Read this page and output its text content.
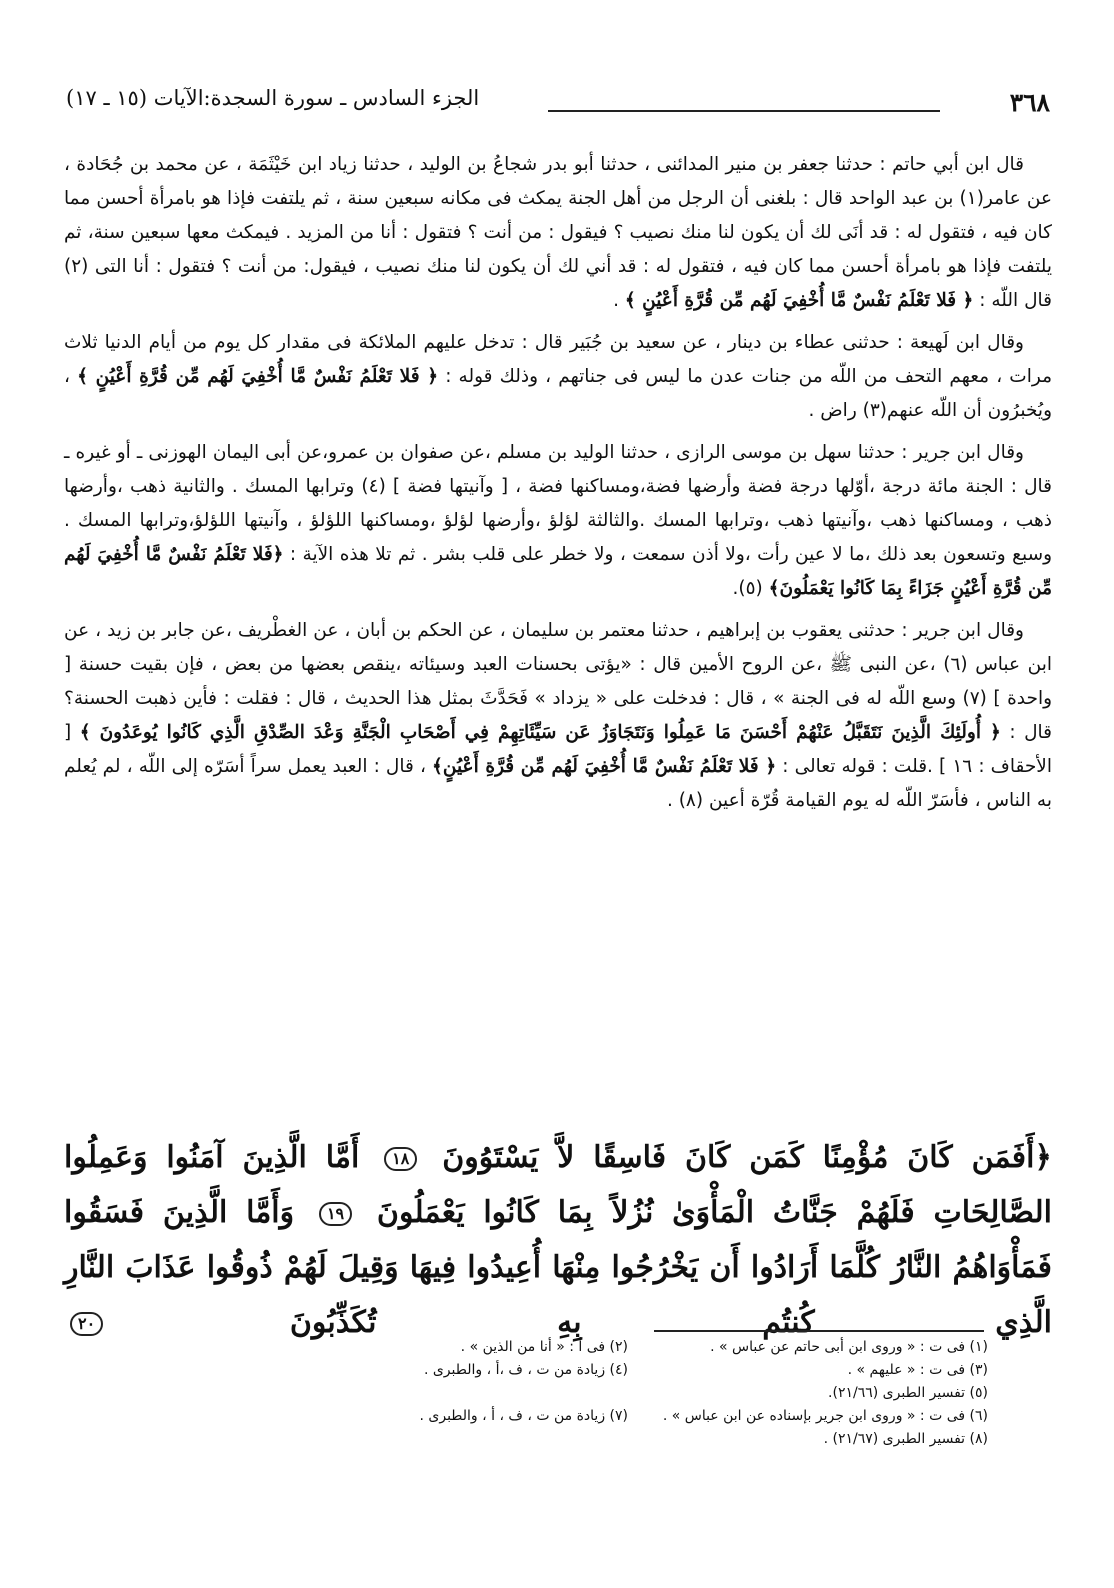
٣٦٨
الجزء السادس ـ سورة السجدة:الآيات (١٥ ـ ١٧)

قال ابن أبي حاتم : حدثنا جعفر بن منير المدائنى ، حدثنا أبو بدر شجاعُ بن الوليد ، حدثنا زياد ابن خَيْثَمَة ، عن محمد بن جُحَادة ، عن عامر(١) بن عبد الواحد قال : بلغنى أن الرجل من أهل الجنة يمكث فى مكانه سبعين سنة ، ثم يلتفت فإذا هو بامرأة أحسن مما كان فيه ، فتقول له : قد أنَى لك أن يكون لنا منك نصيب ؟ فيقول : من أنت ؟ فتقول : أنا من المزيد . فيمكث معها سبعين سنة، ثم يلتفت فإذا هو بامرأة أحسن مما كان فيه ، فتقول له : قد أني لك أن يكون لنا منك نصيب ، فيقول: من أنت ؟ فتقول : أنا التى (٢) قال اللّه : ﴿ فَلا تَعْلَمُ نَفْسٌ مَّا أُخْفِيَ لَهُم مِّن قُرَّةِ أَعْيُنٍ ﴾ .

وقال ابن لَهيعة : حدثنى عطاء بن دينار ، عن سعيد بن جُبَير قال : تدخل عليهم الملائكة فى مقدار كل يوم من أيام الدنيا ثلاث مرات ، معهم التحف من اللّه من جنات عدن ما ليس فى جناتهم ، وذلك قوله : ﴿ فَلا تَعْلَمُ نَفْسٌ مَّا أُخْفِيَ لَهُم مِّن قُرَّةِ أَعْيُنٍ ﴾ ، ويُخبرُون أن اللّه عنهم(٣) راض .

وقال ابن جرير : حدثنا سهل بن موسى الرازى ، حدثنا الوليد بن مسلم ،عن صفوان بن عمرو،عن أبى اليمان الهوزنى ـ أو غيره ـ قال : الجنة مائة درجة ،أوّلها درجة فضة وأرضها فضة،ومساكنها فضة ، [ وآنيتها فضة ] (٤) وترابها المسك . والثانية ذهب ،وأرضها ذهب ، ومساكنها ذهب ،وآنيتها ذهب ،وترابها المسك .والثالثة لؤلؤ ،وأرضها لؤلؤ ،ومساكنها اللؤلؤ ، وآنيتها اللؤلؤ،وترابها المسك . وسبع وتسعون بعد ذلك ،ما لا عين رأت ،ولا أذن سمعت ، ولا خطر على قلب بشر . ثم تلا هذه الآية : ﴿فَلا تَعْلَمُ نَفْسٌ مَّا أُخْفِيَ لَهُم مِّن قُرَّةِ أَعْيُنٍ جَزَاءً بِمَا كَانُوا يَعْمَلُونَ﴾ (٥).

وقال ابن جرير : حدثنى يعقوب بن إبراهيم ، حدثنا معتمر بن سليمان ، عن الحكم بن أبان ، عن الغطْريف ،عن جابر بن زيد ، عن ابن عباس (٦) ،عن النبى ﷺ ،عن الروح الأمين قال : «يؤتى بحسنات العبد وسيئاته ،ينقص بعضها من بعض ، فإن بقيت حسنة [ واحدة ] (٧) وسع اللّه له فى الجنة » ، قال : فدخلت على « يزداد » فَحَدَّثَ بمثل هذا الحديث ، قال : فقلت : فأين ذهبت الحسنة؟ قال : ﴿ أُولَئِكَ الَّذِينَ نَتَقَبَّلُ عَنْهُمْ أَحْسَنَ مَا عَمِلُوا وَنَتَجَاوَزُ عَن سَيِّئَاتِهِمْ فِي أَصْحَابِ الْجَنَّةِ وَعْدَ الصِّدْقِ الَّذِي كَانُوا يُوعَدُونَ ﴾ [ الأحقاف : ١٦ ] .قلت : قوله تعالى : ﴿ فَلا تَعْلَمُ نَفْسٌ مَّا أُخْفِيَ لَهُم مِّن قُرَّةِ أَعْيُنٍ﴾ ، قال : العبد يعمل سراً أسَرّه إلى اللّه ، لم يُعلم به الناس ، فأسَرّ اللّه له يوم القيامة قُرّة أعين (٨) .

﴿أَفَمَن كَانَ مُؤْمِنًا كَمَن كَانَ فَاسِقًا لاَّ يَسْتَوُونَ ١٨ أَمَّا الَّذِينَ آمَنُوا وَعَمِلُوا الصَّالِحَاتِ فَلَهُمْ جَنَّاتُ الْمَأْوَىٰ نُزُلاً بِمَا كَانُوا يَعْمَلُونَ ١٩ وَأَمَّا الَّذِينَ فَسَقُوا فَمَأْوَاهُمُ النَّارُ كُلَّمَا أَرَادُوا أَن يَخْرُجُوا مِنْهَا أُعِيدُوا فِيهَا وَقِيلَ لَهُمْ ذُوقُوا عَذَابَ النَّارِ الَّذِي كُنتُم بِهِ تُكَذِّبُونَ ٢٠
(١) فى ت : « وروى ابن أبى حاتم عن عباس » .
(٢) فى أ : « أنا من الذين » .
(٣) فى ت : « عليهم » .
(٤) زيادة من ت ، ف ،أ ، والطبرى .
(٥) تفسير الطبرى (٢١/٦٦).
(٦) فى ت : « وروى ابن جرير بإسناده عن ابن عباس » .
(٧) زيادة من ت ، ف ، أ ، والطبرى .
(٨) تفسير الطبرى (٢١/٦٧) .
